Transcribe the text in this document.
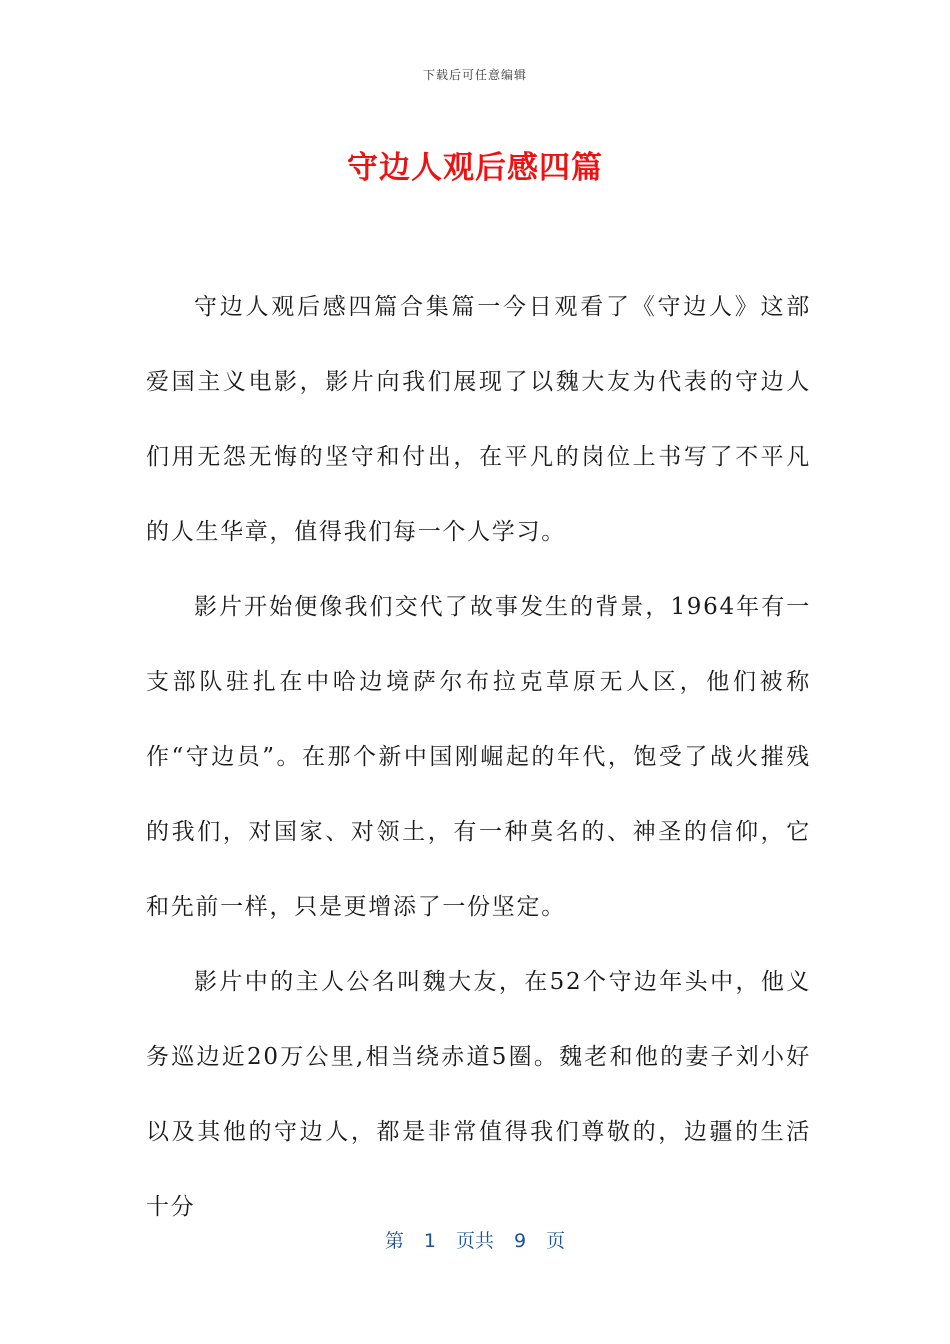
下载后可任意编辑
守边人观后感四篇

守边人观后感四篇合集篇一今日观看了《守边人》这部爱国主义电影，影片向我们展现了以魏大友为代表的守边人们用无怨无悔的坚守和付出，在平凡的岗位上书写了不平凡的人生华章，值得我们每一个人学习。

影片开始便像我们交代了故事发生的背景，1964年有一支部队驻扎在中哈边境萨尔布拉克草原无人区，他们被称作“守边员”。在那个新中国刚崛起的年代，饱受了战火摧残的我们，对国家、对领土，有一种莫名的、神圣的信仰，它和先前一样，只是更增添了一份坚定。

影片中的主人公名叫魏大友，在52个守边年头中，他义务巡边近20万公里,相当绕赤道5圈。魏老和他的妻子刘小好以及其他的守边人，都是非常值得我们尊敬的，边疆的生活十分

第 1 页共 9 页
